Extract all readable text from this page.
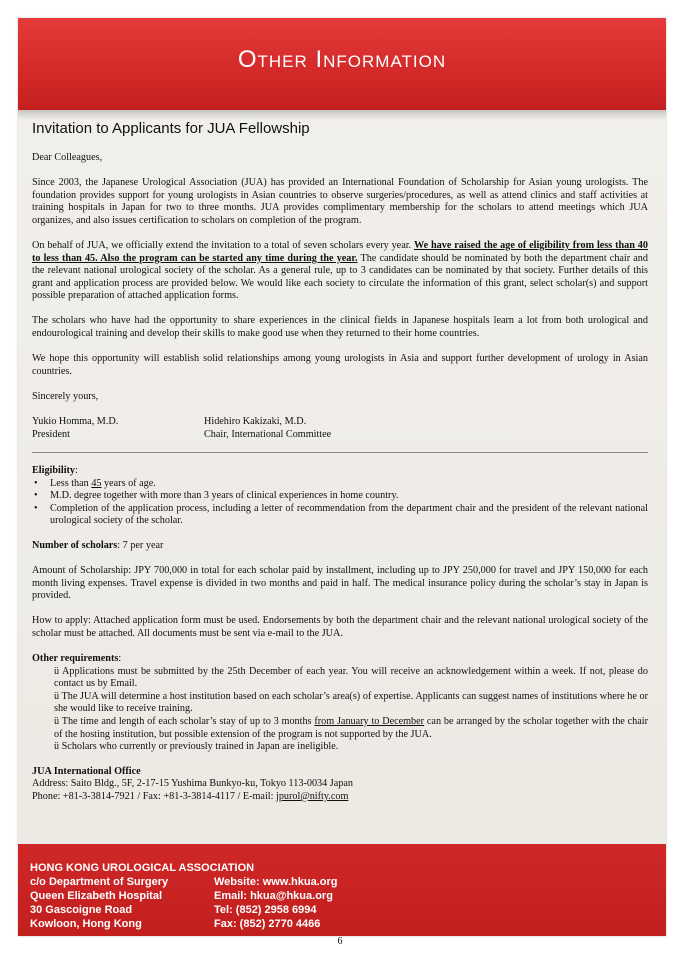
Other Information
Invitation to Applicants for JUA Fellowship

Dear Colleagues,

Since 2003, the Japanese Urological Association (JUA) has provided an International Foundation of Scholarship for Asian young urologists. The foundation provides support for young urologists in Asian countries to observe surgeries/procedures, as well as attend clinics and staff activities at training hospitals in Japan for two to three months. JUA provides complimentary membership for the scholars to attend meetings which JUA organizes, and also issues certification to scholars on completion of the program.

On behalf of JUA, we officially extend the invitation to a total of seven scholars every year. We have raised the age of eligibility from less than 40 to less than 45. Also the program can be started any time during the year. The candidate should be nominated by both the department chair and the relevant national urological society of the scholar. As a general rule, up to 3 candidates can be nominated by that society. Further details of this grant and application process are provided below. We would like each society to circulate the information of this grant, select scholar(s) and support possible preparation of attached application forms.

The scholars who have had the opportunity to share experiences in the clinical fields in Japanese hospitals learn a lot from both urological and endourological training and develop their skills to make good use when they returned to their home countries.

We hope this opportunity will establish solid relationships among young urologists in Asia and support further development of urology in Asian countries.

Sincerely yours,

Yukio Homma, M.D.
President
Hidehiro Kakizaki, M.D.
Chair, International Committee
Eligibility:
• Less than 45 years of age.
• M.D. degree together with more than 3 years of clinical experiences in home country.
• Completion of the application process, including a letter of recommendation from the department chair and the president of the relevant national urological society of the scholar.

Number of scholars: 7 per year

Amount of Scholarship: JPY 700,000 in total for each scholar paid by installment, including up to JPY 250,000 for travel and JPY 150,000 for each month living expenses. Travel expense is divided in two months and paid in half. The medical insurance policy during the scholar’s stay in Japan is provided.

How to apply: Attached application form must be used. Endorsements by both the department chair and the relevant national urological society of the scholar must be attached. All documents must be sent via e-mail to the JUA.

Other requirements:
ü Applications must be submitted by the 25th December of each year. You will receive an acknowledgement within a week. If not, please do contact us by Email.
ü The JUA will determine a host institution based on each scholar’s area(s) of expertise. Applicants can suggest names of institutions where he or she would like to receive training.
ü The time and length of each scholar’s stay of up to 3 months from January to December can be arranged by the scholar together with the chair of the hosting institution, but possible extension of the program is not supported by the JUA.
ü Scholars who currently or previously trained in Japan are ineligible.
JUA International Office
Address: Saito Bldg., 5F, 2-17-15 Yushima Bunkyo-ku, Tokyo 113-0034 Japan
Phone: +81-3-3814-7921 / Fax: +81-3-3814-4117 / E-mail: jpurol@nifty.com
HONG KONG UROLOGICAL ASSOCIATION
c/o Department of Surgery
Queen Elizabeth Hospital
30 Gascoigne Road
Kowloon, Hong Kong
Website: www.hkua.org
Email: hkua@hkua.org
Tel: (852) 2958 6994
Fax: (852) 2770 4466
6
